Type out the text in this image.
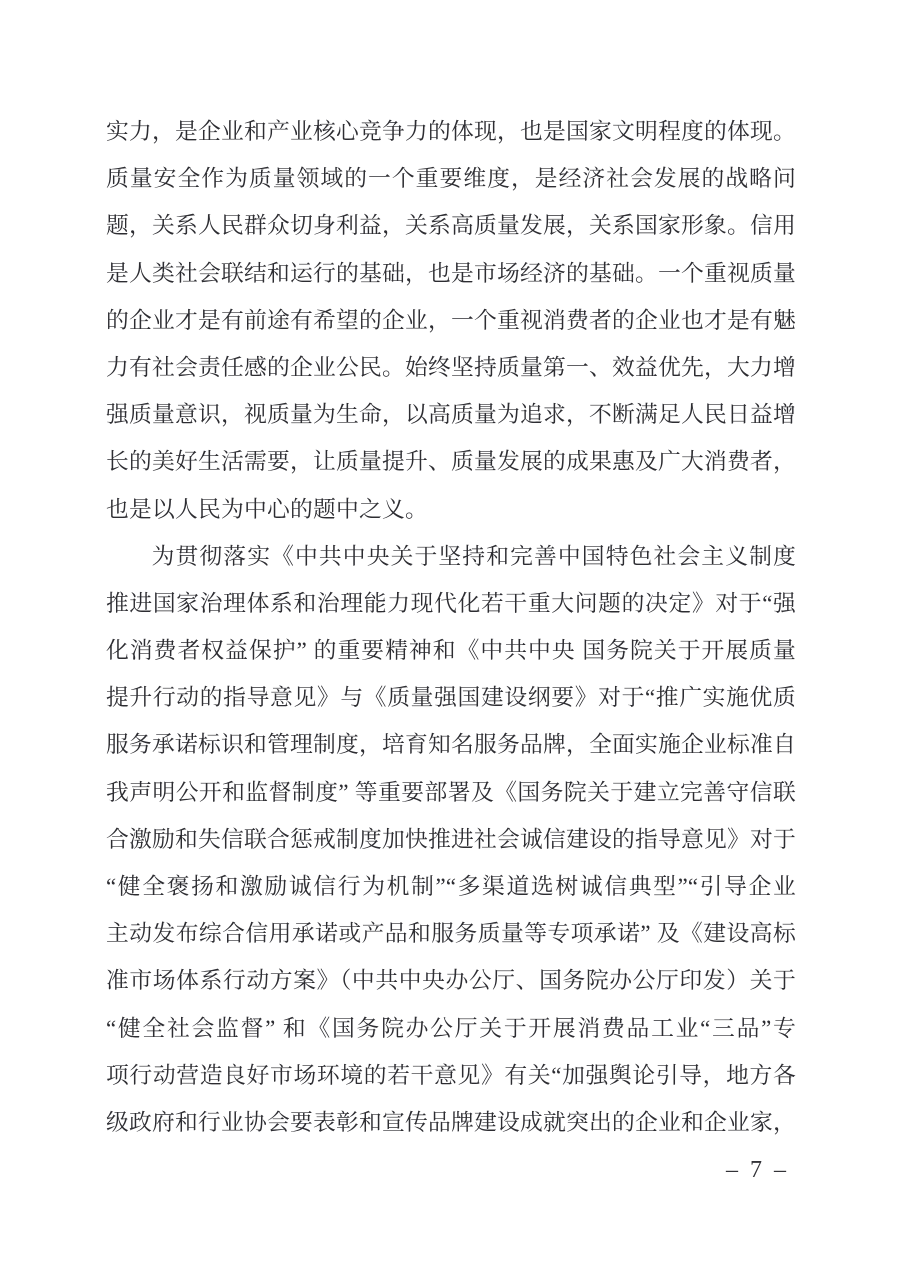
实力，是企业和产业核心竞争力的体现，也是国家文明程度的体现。
质量安全作为质量领域的一个重要维度，是经济社会发展的战略问
题，关系人民群众切身利益，关系高质量发展，关系国家形象。信用
是人类社会联结和运行的基础，也是市场经济的基础。一个重视质量
的企业才是有前途有希望的企业，一个重视消费者的企业也才是有魅
力有社会责任感的企业公民。始终坚持质量第一、效益优先，大力增
强质量意识，视质量为生命，以高质量为追求，不断满足人民日益增
长的美好生活需要，让质量提升、质量发展的成果惠及广大消费者，
也是以人民为中心的题中之义。
为贯彻落实《中共中央关于坚持和完善中国特色社会主义制度
推进国家治理体系和治理能力现代化若干重大问题的决定》对于“强
化消费者权益保护” 的重要精神和《中共中央 国务院关于开展质量
提升行动的指导意见》与《质量强国建设纲要》对于“推广实施优质
服务承诺标识和管理制度，培育知名服务品牌，全面实施企业标准自
我声明公开和监督制度” 等重要部署及《国务院关于建立完善守信联
合激励和失信联合惩戒制度加快推进社会诚信建设的指导意见》对于
“健全褒扬和激励诚信行为机制”“多渠道选树诚信典型”“引导企业
主动发布综合信用承诺或产品和服务质量等专项承诺” 及《建设高标
准市场体系行动方案》（中共中央办公厅、国务院办公厅印发）关于
“健全社会监督” 和《国务院办公厅关于开展消费品工业“三品”专
项行动营造良好市场环境的若干意见》有关“加强舆论引导，地方各
级政府和行业协会要表彰和宣传品牌建设成就突出的企业和企业家，
– 7 –
